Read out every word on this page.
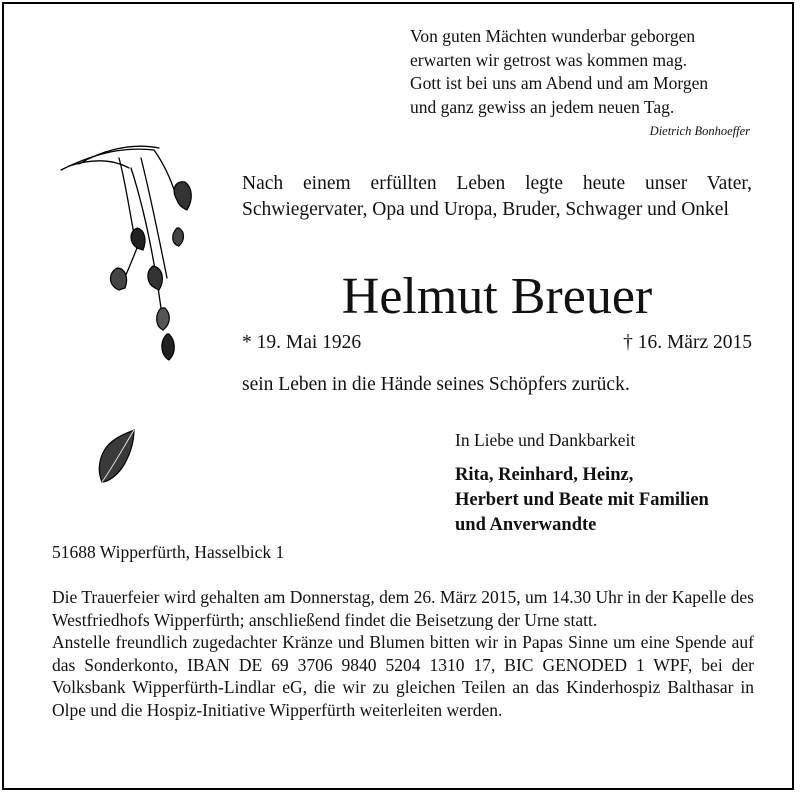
Von guten Mächten wunderbar geborgen
erwarten wir getrost was kommen mag.
Gott ist bei uns am Abend und am Morgen
und ganz gewiss an jedem neuen Tag.
Dietrich Bonhoeffer
Nach einem erfüllten Leben legte heute unser Vater, Schwiegervater, Opa und Uropa, Bruder, Schwager und Onkel
Helmut Breuer
* 19. Mai 1926	† 16. März 2015
sein Leben in die Hände seines Schöpfers zurück.
In Liebe und Dankbarkeit
Rita, Reinhard, Heinz,
Herbert und Beate mit Familien
und Anverwandte
51688 Wipperfürth, Hasselbick 1

Die Trauerfeier wird gehalten am Donnerstag, dem 26. März 2015, um 14.30 Uhr in der Kapelle des Westfriedhofs Wipperfürth; anschließend findet die Beisetzung der Urne statt.

Anstelle freundlich zugedachter Kränze und Blumen bitten wir in Papas Sinne um eine Spende auf das Sonderkonto, IBAN DE 69 3706 9840 5204 1310 17, BIC GENODED 1 WPF, bei der Volksbank Wipperfürth-Lindlar eG, die wir zu gleichen Teilen an das Kinderhospiz Balthasar in Olpe und die Hospiz-Initiative Wipperfürth weiterleiten werden.
